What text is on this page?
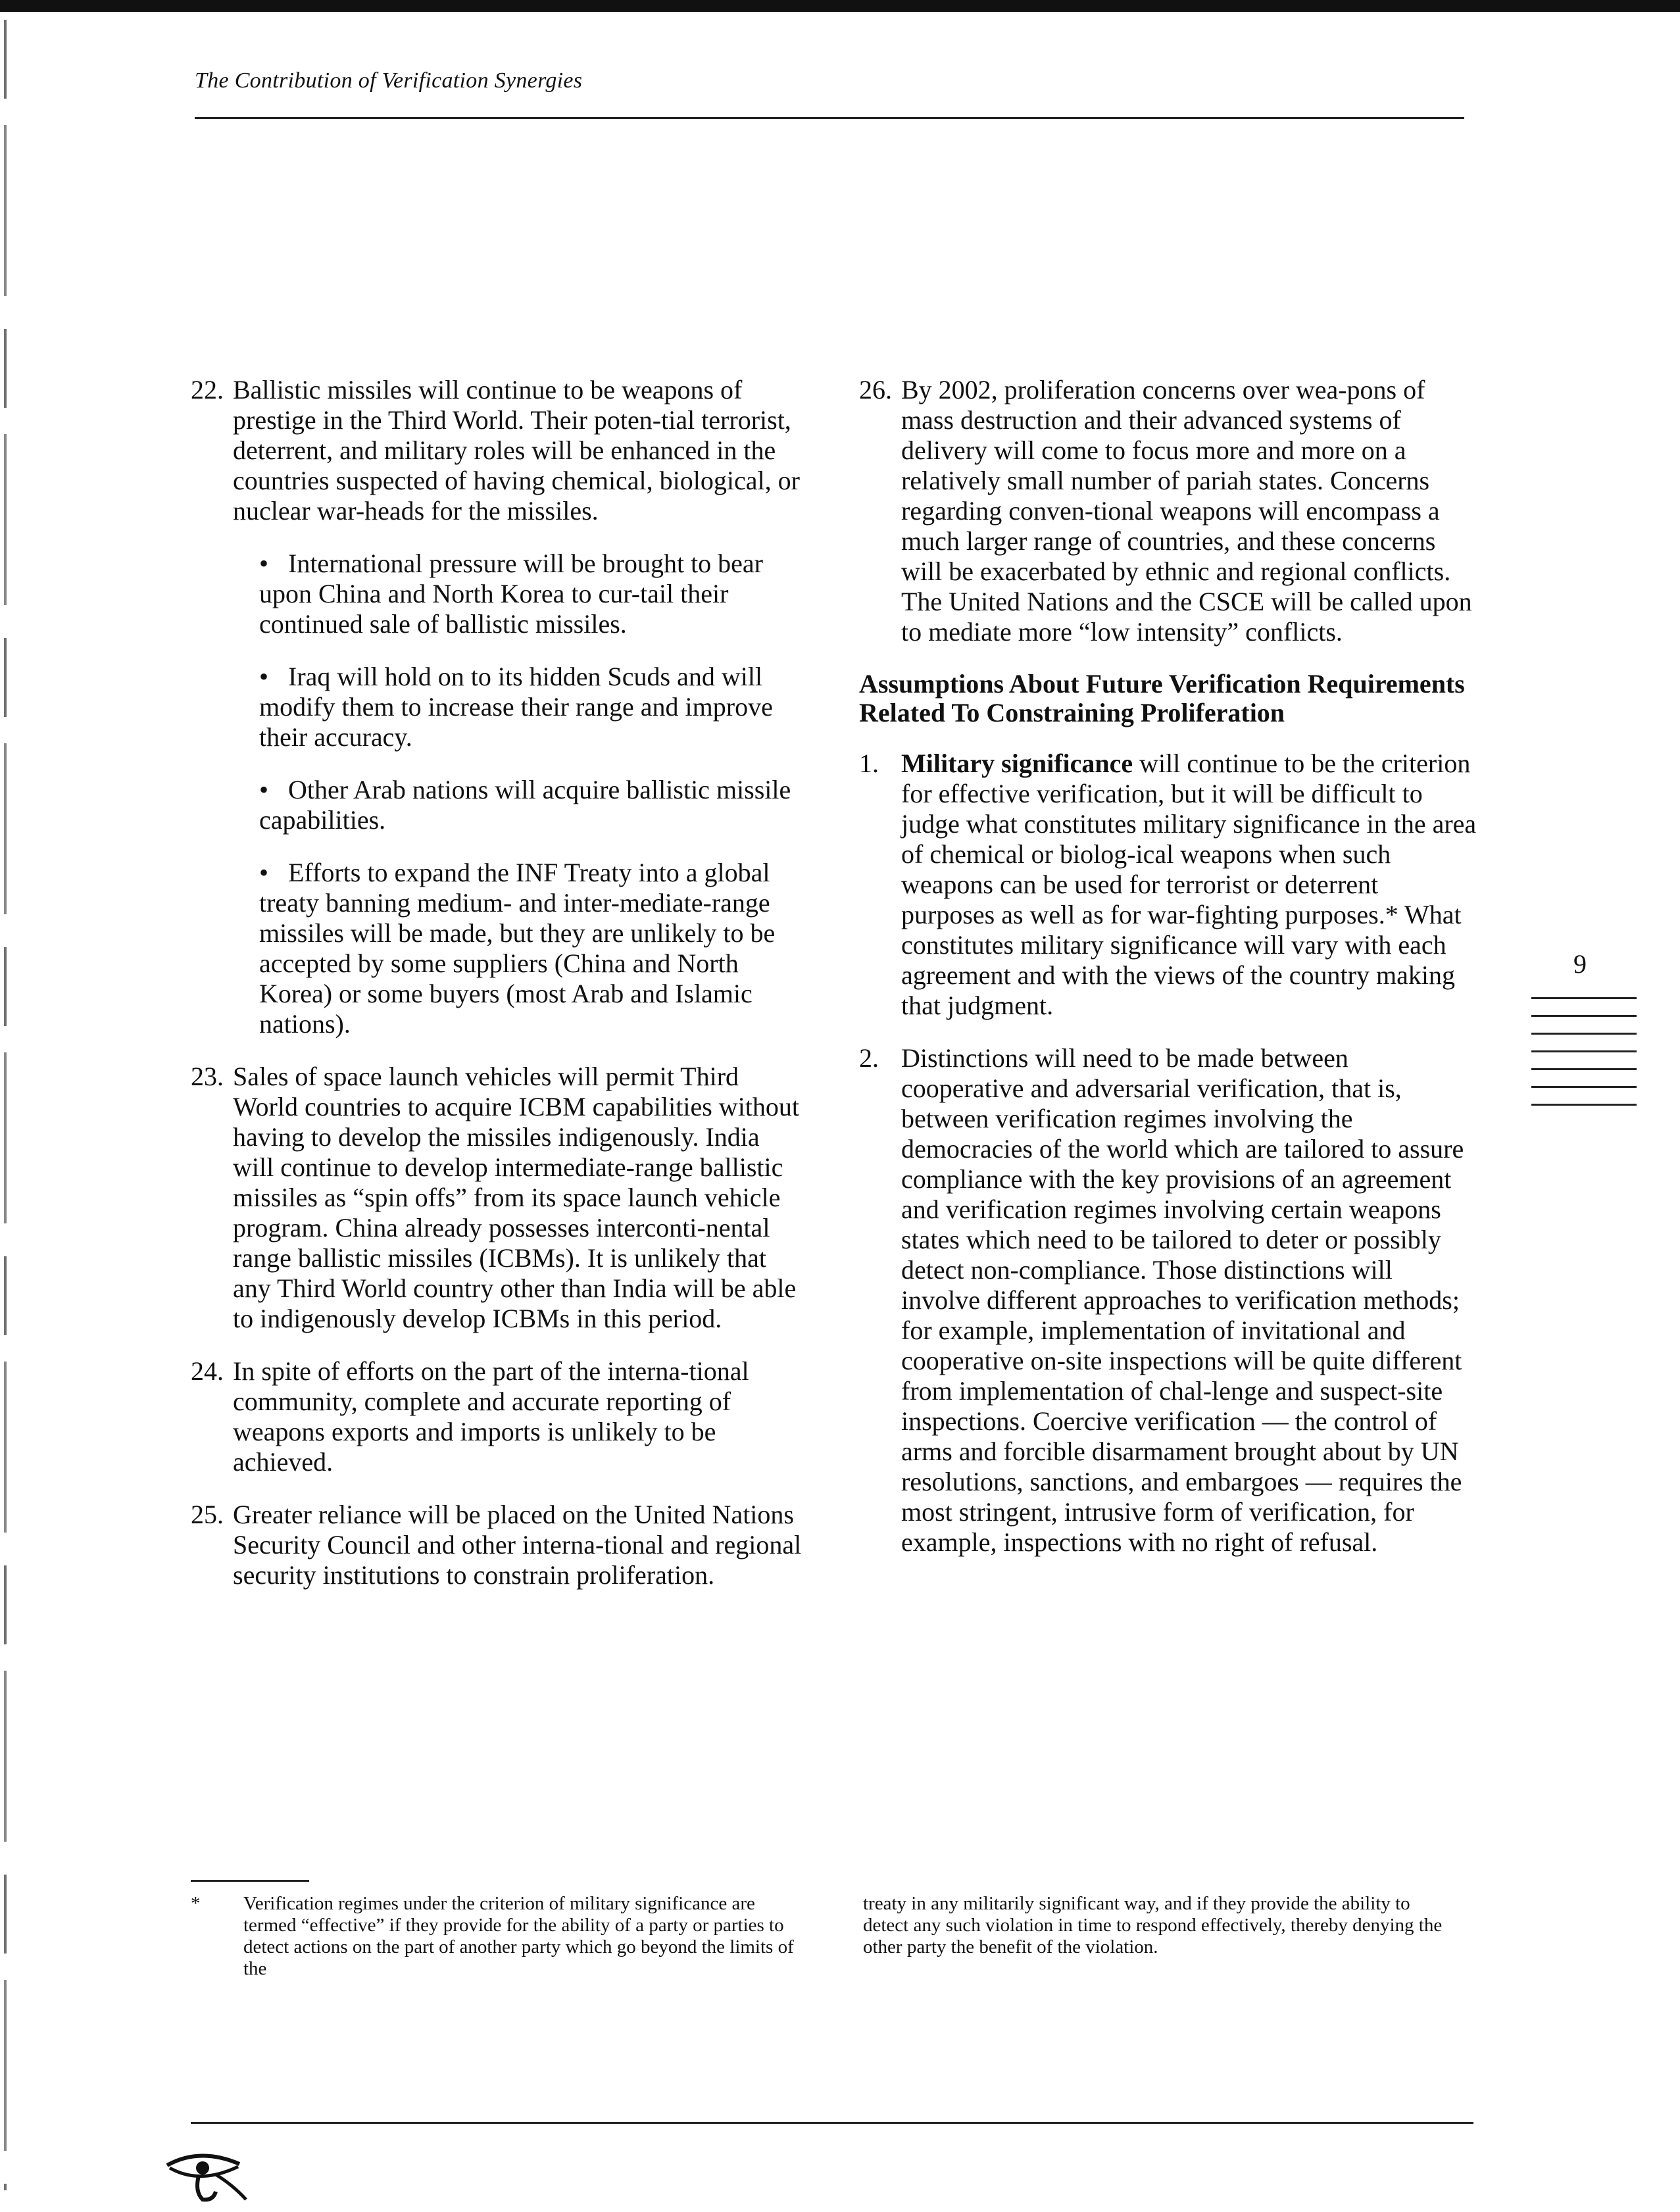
The Contribution of Verification Synergies
22. Ballistic missiles will continue to be weapons of prestige in the Third World. Their poten-tial terrorist, deterrent, and military roles will be enhanced in the countries suspected of having chemical, biological, or nuclear war-heads for the missiles.
• International pressure will be brought to bear upon China and North Korea to cur-tail their continued sale of ballistic missiles.
• Iraq will hold on to its hidden Scuds and will modify them to increase their range and improve their accuracy.
• Other Arab nations will acquire ballistic missile capabilities.
• Efforts to expand the INF Treaty into a global treaty banning medium- and inter-mediate-range missiles will be made, but they are unlikely to be accepted by some suppliers (China and North Korea) or some buyers (most Arab and Islamic nations).
23. Sales of space launch vehicles will permit Third World countries to acquire ICBM capabilities without having to develop the missiles indigenously. India will continue to develop intermediate-range ballistic missiles as “spin offs” from its space launch vehicle program. China already possesses interconti-nental range ballistic missiles (ICBMs). It is unlikely that any Third World country other than India will be able to indigenously develop ICBMs in this period.
24. In spite of efforts on the part of the interna-tional community, complete and accurate reporting of weapons exports and imports is unlikely to be achieved.
25. Greater reliance will be placed on the United Nations Security Council and other interna-tional and regional security institutions to constrain proliferation.
26. By 2002, proliferation concerns over wea-pons of mass destruction and their advanced systems of delivery will come to focus more and more on a relatively small number of pariah states. Concerns regarding conven-tional weapons will encompass a much larger range of countries, and these concerns will be exacerbated by ethnic and regional conflicts. The United Nations and the CSCE will be called upon to mediate more “low intensity” conflicts.
Assumptions About Future Verification Requirements Related To Constraining Proliferation
1. Military significance will continue to be the criterion for effective verification, but it will be difficult to judge what constitutes military significance in the area of chemical or biolog-ical weapons when such weapons can be used for terrorist or deterrent purposes as well as for war-fighting purposes.* What constitutes military significance will vary with each agreement and with the views of the country making that judgment.
2. Distinctions will need to be made between cooperative and adversarial verification, that is, between verification regimes involving the democracies of the world which are tailored to assure compliance with the key provisions of an agreement and verification regimes involving certain weapons states which need to be tailored to deter or possibly detect non-compliance. Those distinctions will involve different approaches to verification methods; for example, implementation of invitational and cooperative on-site inspections will be quite different from implementation of chal-lenge and suspect-site inspections. Coercive verification — the control of arms and forcible disarmament brought about by UN resolutions, sanctions, and embargoes — requires the most stringent, intrusive form of verification, for example, inspections with no right of refusal.
9
*	Verification regimes under the criterion of military significance are termed “effective” if they provide for the ability of a party or parties to detect actions on the part of another party which go beyond the limits of the
treaty in any militarily significant way, and if they provide the ability to detect any such violation in time to respond effectively, thereby denying the other party the benefit of the violation.
